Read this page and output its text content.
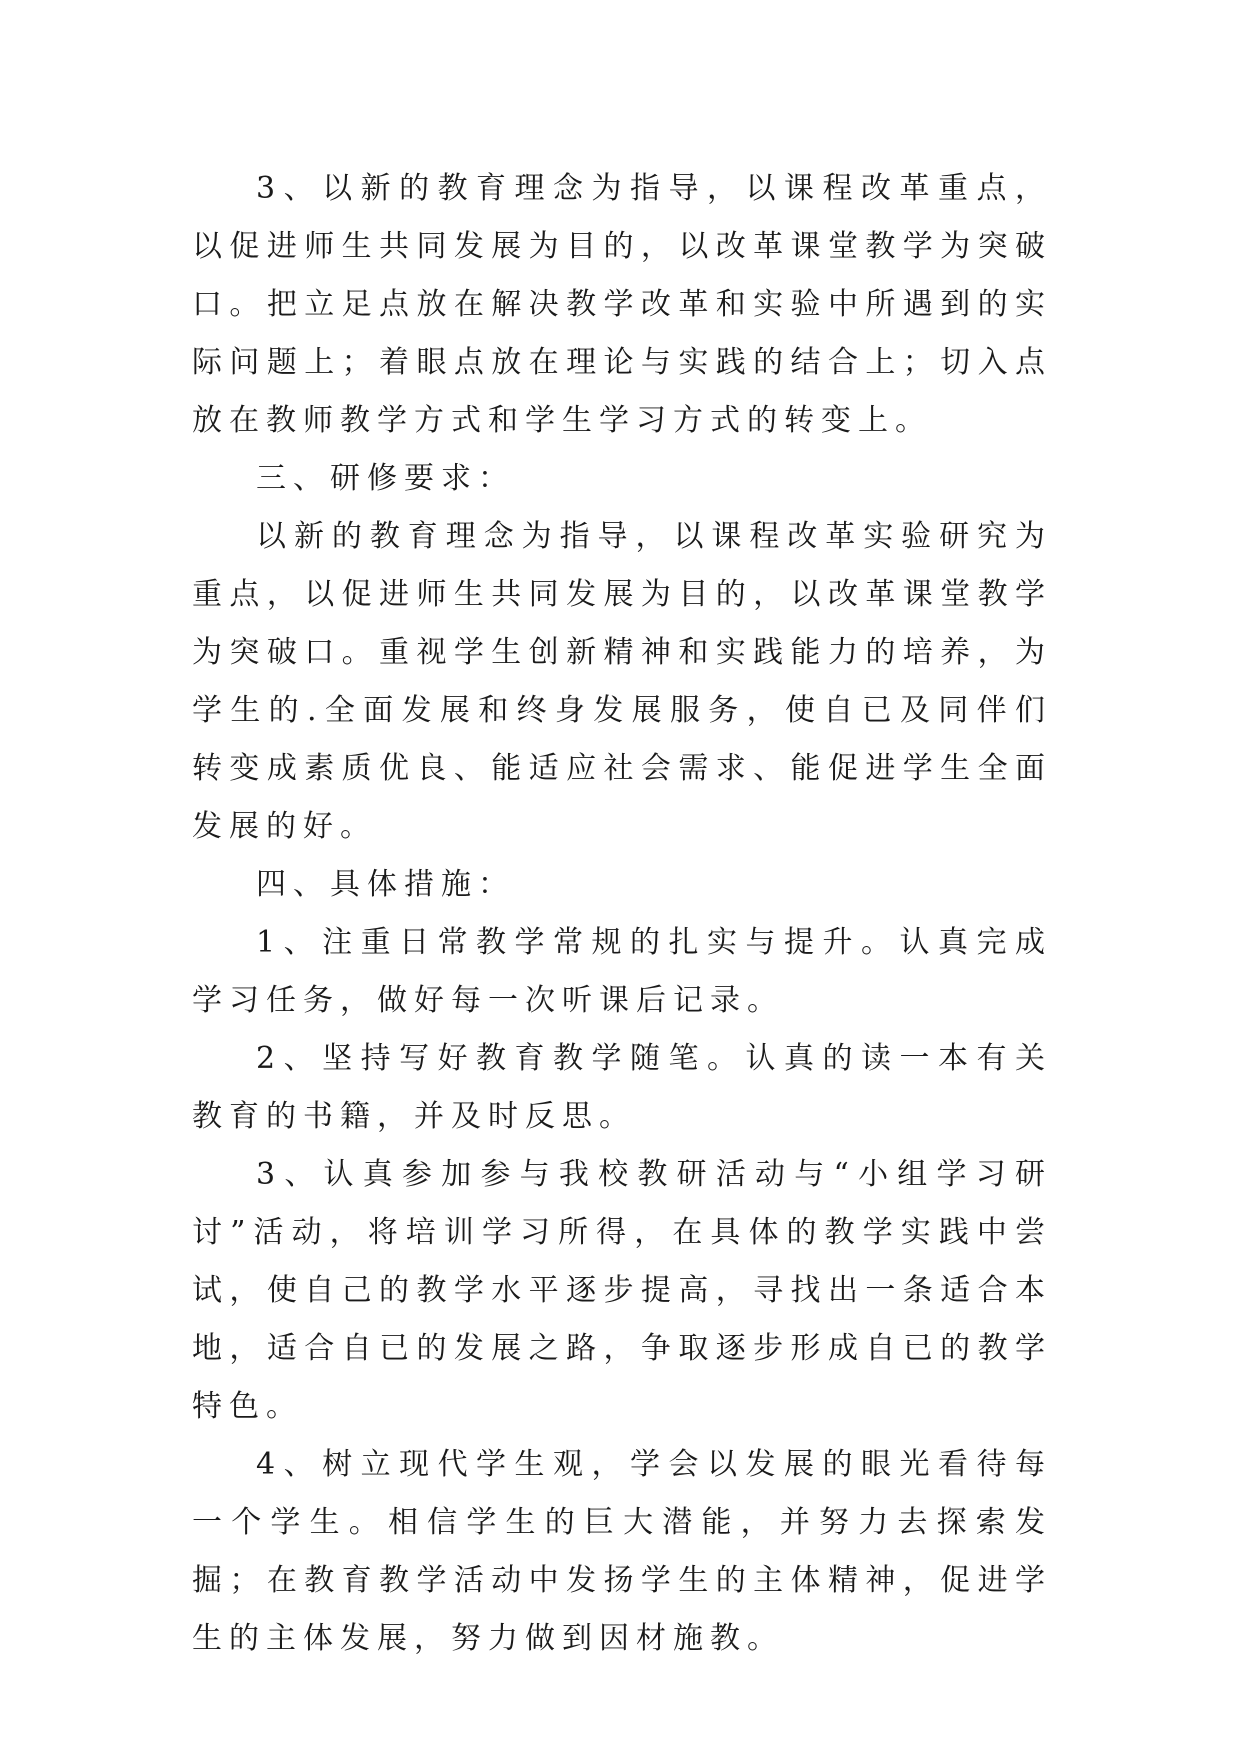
3、以新的教育理念为指导，以课程改革重点，以促进师生共同发展为目的，以改革课堂教学为突破口。把立足点放在解决教学改革和实验中所遇到的实际问题上；着眼点放在理论与实践的结合上；切入点放在教师教学方式和学生学习方式的转变上。

三、研修要求：

以新的教育理念为指导，以课程改革实验研究为重点，以促进师生共同发展为目的，以改革课堂教学为突破口。重视学生创新精神和实践能力的培养，为学生的.全面发展和终身发展服务，使自已及同伴们转变成素质优良、能适应社会需求、能促进学生全面发展的好。

四、具体措施：

1、注重日常教学常规的扎实与提升。认真完成学习任务，做好每一次听课后记录。

2、坚持写好教育教学随笔。认真的读一本有关教育的书籍，并及时反思。

3、认真参加参与我校教研活动与“小组学习研讨”活动，将培训学习所得，在具体的教学实践中尝试，使自己的教学水平逐步提高，寻找出一条适合本地，适合自已的发展之路，争取逐步形成自已的教学特色。

4、树立现代学生观，学会以发展的眼光看待每一个学生。相信学生的巨大潜能，并努力去探索发掘；在教育教学活动中发扬学生的主体精神，促进学生的主体发展，努力做到因材施教。
